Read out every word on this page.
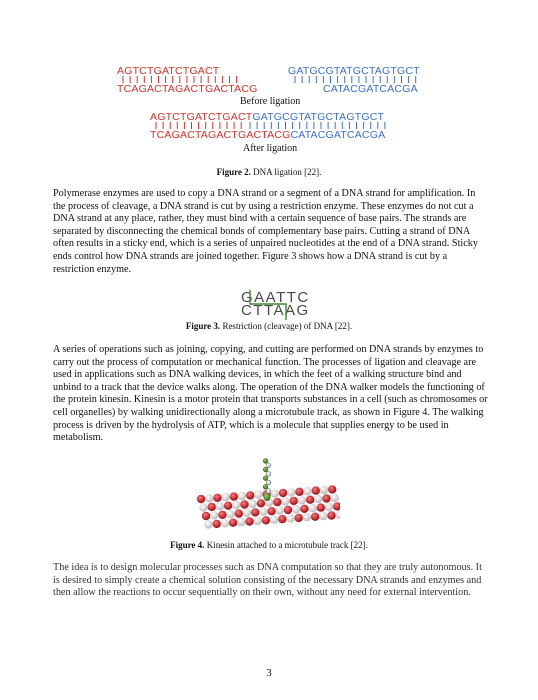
AGTCTGATCTGACT	GATGCGTATGCTAGTGCT
TCAGACTAGACTGACTACG	CATACGATCACGA
Before ligation
AGTCTGATCTGACTGATGCGTATGCTAGTGCT
TCAGACTAGACTGACTACGCATACGATCACGA
After ligation
Figure 2. DNA ligation [22].
Polymerase enzymes are used to copy a DNA strand or a segment of a DNA strand for amplification. In the process of cleavage, a DNA strand is cut by using a restriction enzyme. These enzymes do not cut a DNA strand at any place, rather, they must bind with a certain sequence of base pairs. The strands are separated by disconnecting the chemical bonds of complementary base pairs. Cutting a strand of DNA often results in a sticky end, which is a series of unpaired nucleotides at the end of a DNA strand. Sticky ends control how DNA strands are joined together. Figure 3 shows how a DNA strand is cut by a restriction enzyme.
GAATTC
CTTAAG
Figure 3. Restriction (cleavage) of DNA [22].
A series of operations such as joining, copying, and cutting are performed on DNA strands by enzymes to carry out the process of computation or mechanical function. The processes of ligation and cleavage are used in applications such as DNA walking devices, in which the feet of a walking structure bind and unbind to a track that the device walks along. The operation of the DNA walker models the functioning of the protein kinesin. Kinesin is a motor protein that transports substances in a cell (such as chromosomes or cell organelles) by walking unidirectionally along a microtubule track, as shown in Figure 4. The walking process is driven by the hydrolysis of ATP, which is a molecule that supplies energy to be used in metabolism.
Figure 4. Kinesin attached to a microtubule track [22].
The idea is to design molecular processes such as DNA computation so that they are truly autonomous. It is desired to simply create a chemical solution consisting of the necessary DNA strands and enzymes and then allow the reactions to occur sequentially on their own, without any need for external intervention.
3
